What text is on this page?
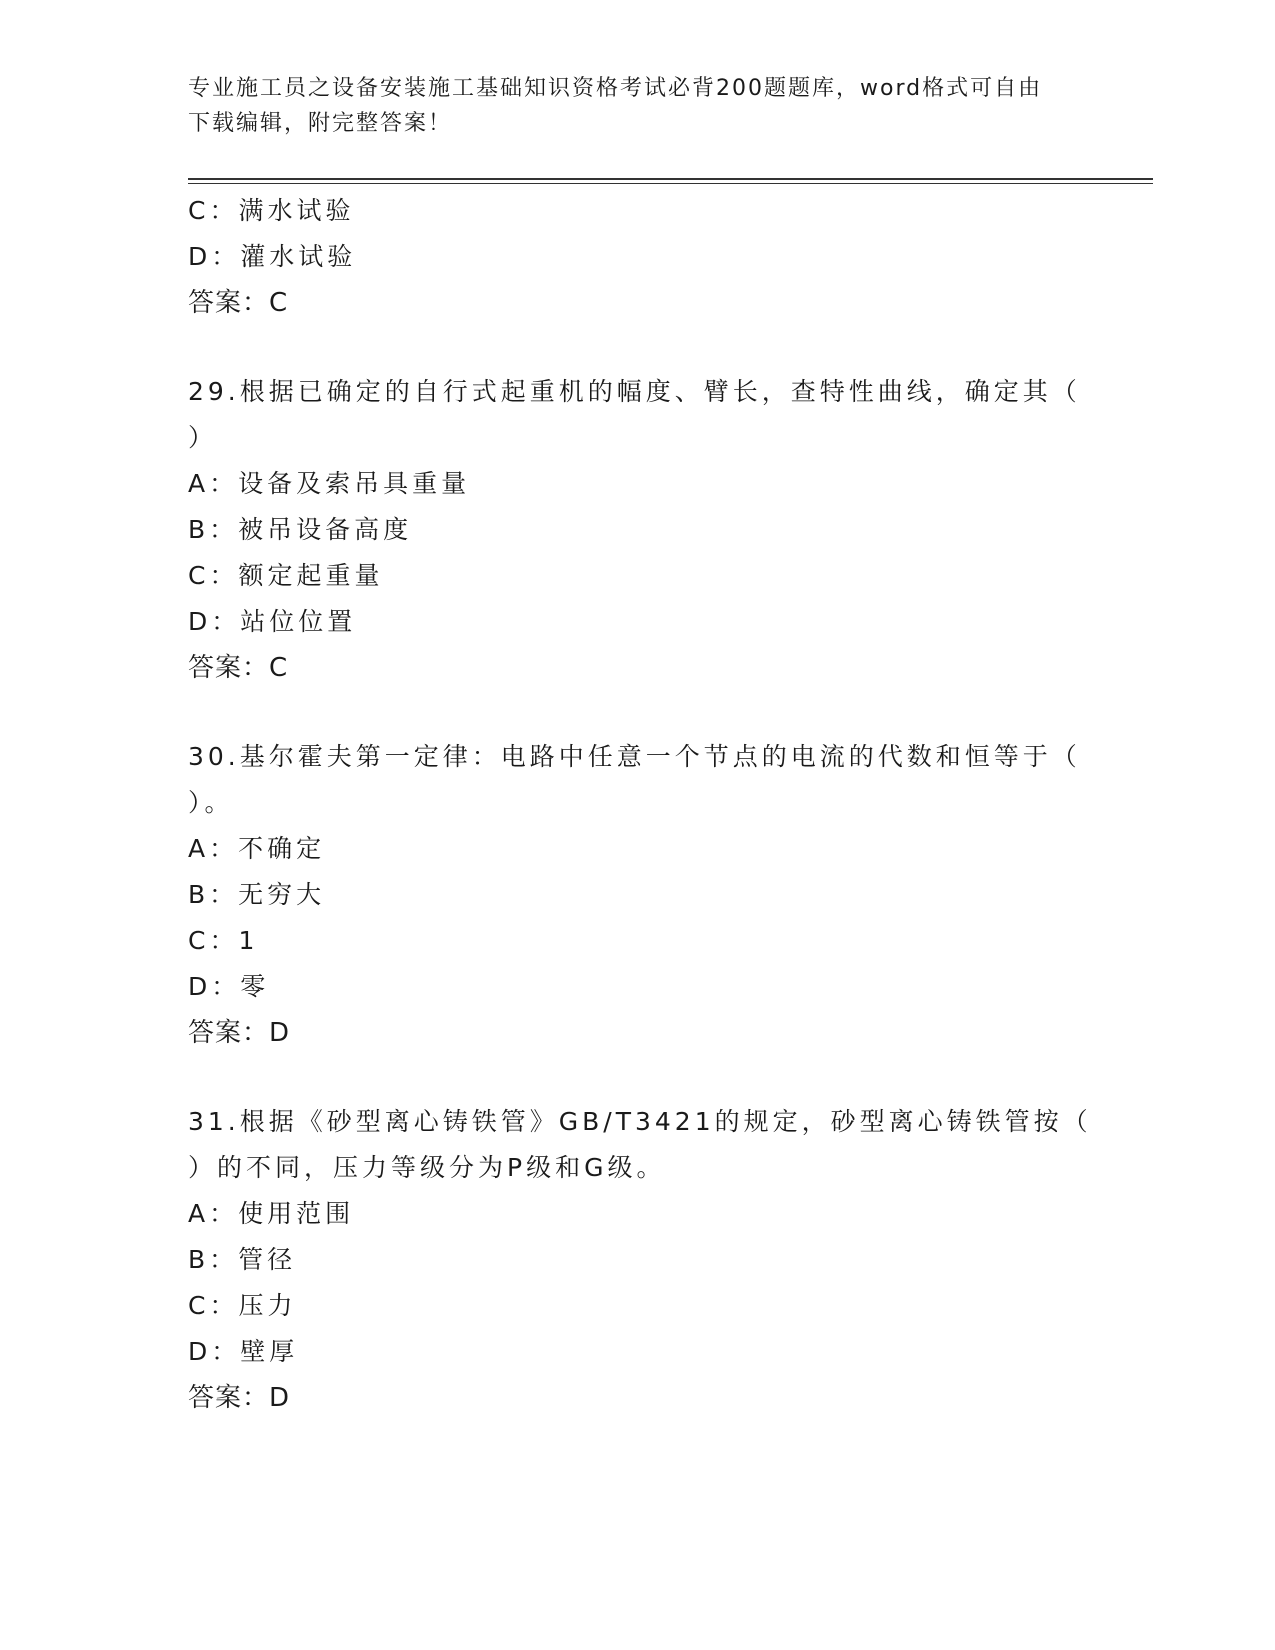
专业施工员之设备安装施工基础知识资格考试必背200题题库，word格式可自由
下载编辑，附完整答案！
C：满水试验
D：灌水试验
答案：C
29.根据已确定的自行式起重机的幅度、臂长，查特性曲线，确定其（
）
A：设备及索吊具重量
B：被吊设备高度
C：额定起重量
D：站位位置
答案：C
30.基尔霍夫第一定律：电路中任意一个节点的电流的代数和恒等于（
）。
A：不确定
B：无穷大
C：1
D：零
答案：D
31.根据《砂型离心铸铁管》GB/T3421的规定，砂型离心铸铁管按（
）的不同，压力等级分为P级和G级。
A：使用范围
B：管径
C：压力
D：壁厚
答案：D
